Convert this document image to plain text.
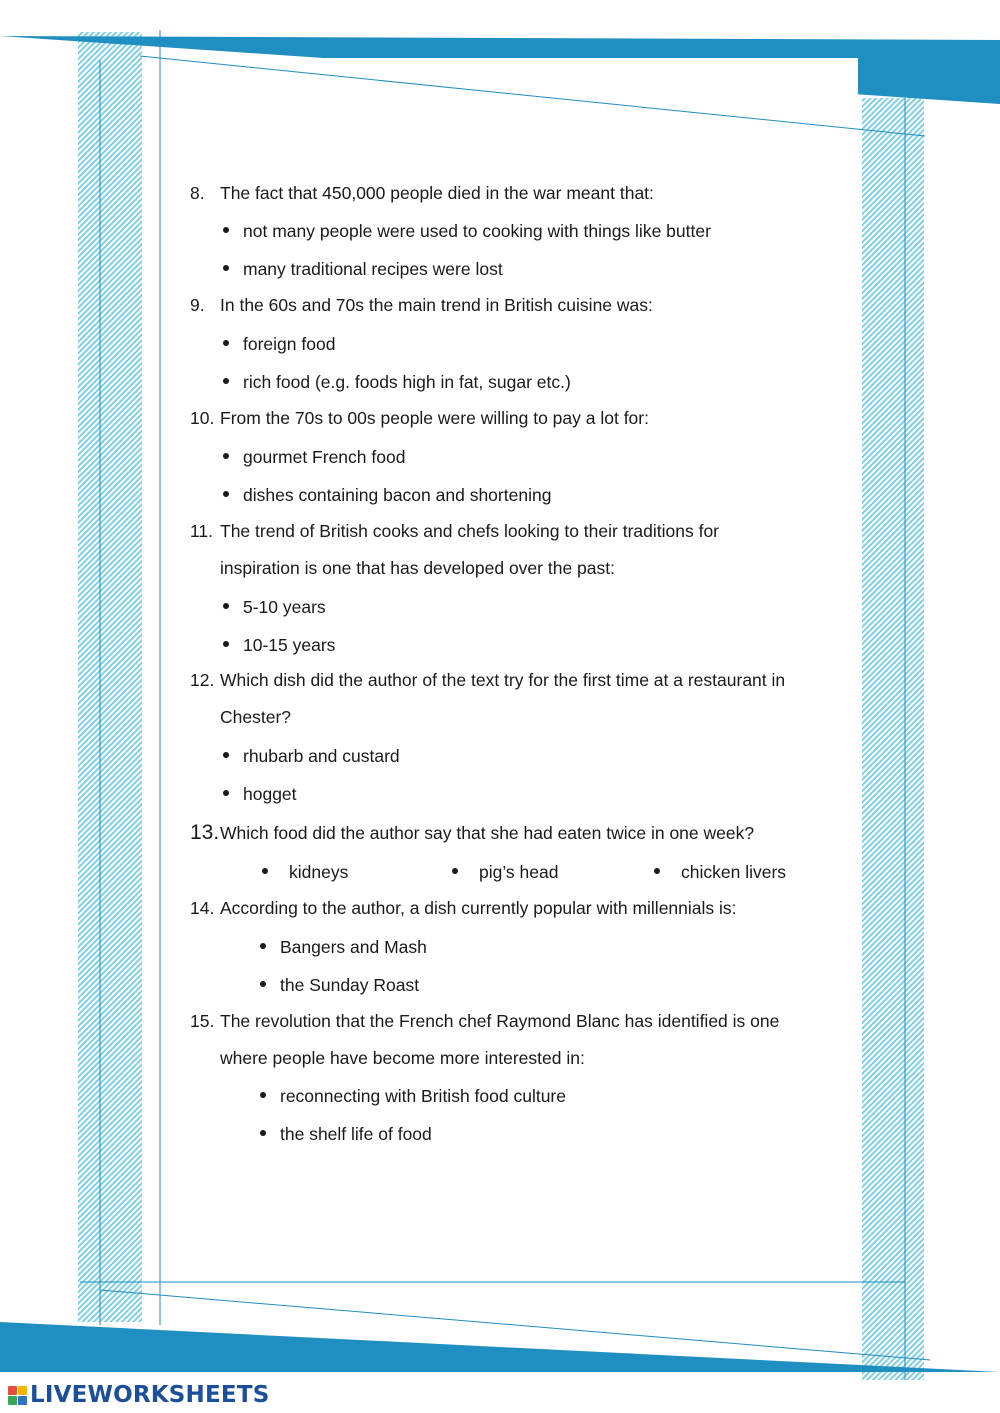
8. The fact that 450,000 people died in the war meant that:
not many people were used to cooking with things like butter
many traditional recipes were lost
9. In the 60s and 70s the main trend in British cuisine was:
foreign food
rich food (e.g. foods high in fat, sugar etc.)
10. From the 70s to 00s people were willing to pay a lot for:
gourmet French food
dishes containing bacon and shortening
11. The trend of British cooks and chefs looking to their traditions for
inspiration is one that has developed over the past:
5-10 years
10-15 years
12. Which dish did the author of the text try for the first time at a restaurant in
Chester?
rhubarb and custard
hogget
13.Which food did the author say that she had eaten twice in one week?
kidneys	pig’s head	chicken livers
14. According to the author, a dish currently popular with millennials is:
Bangers and Mash
the Sunday Roast
15. The revolution that the French chef Raymond Blanc has identified is one
where people have become more interested in:
reconnecting with British food culture
the shelf life of food
LIVEWORKSHEETS
